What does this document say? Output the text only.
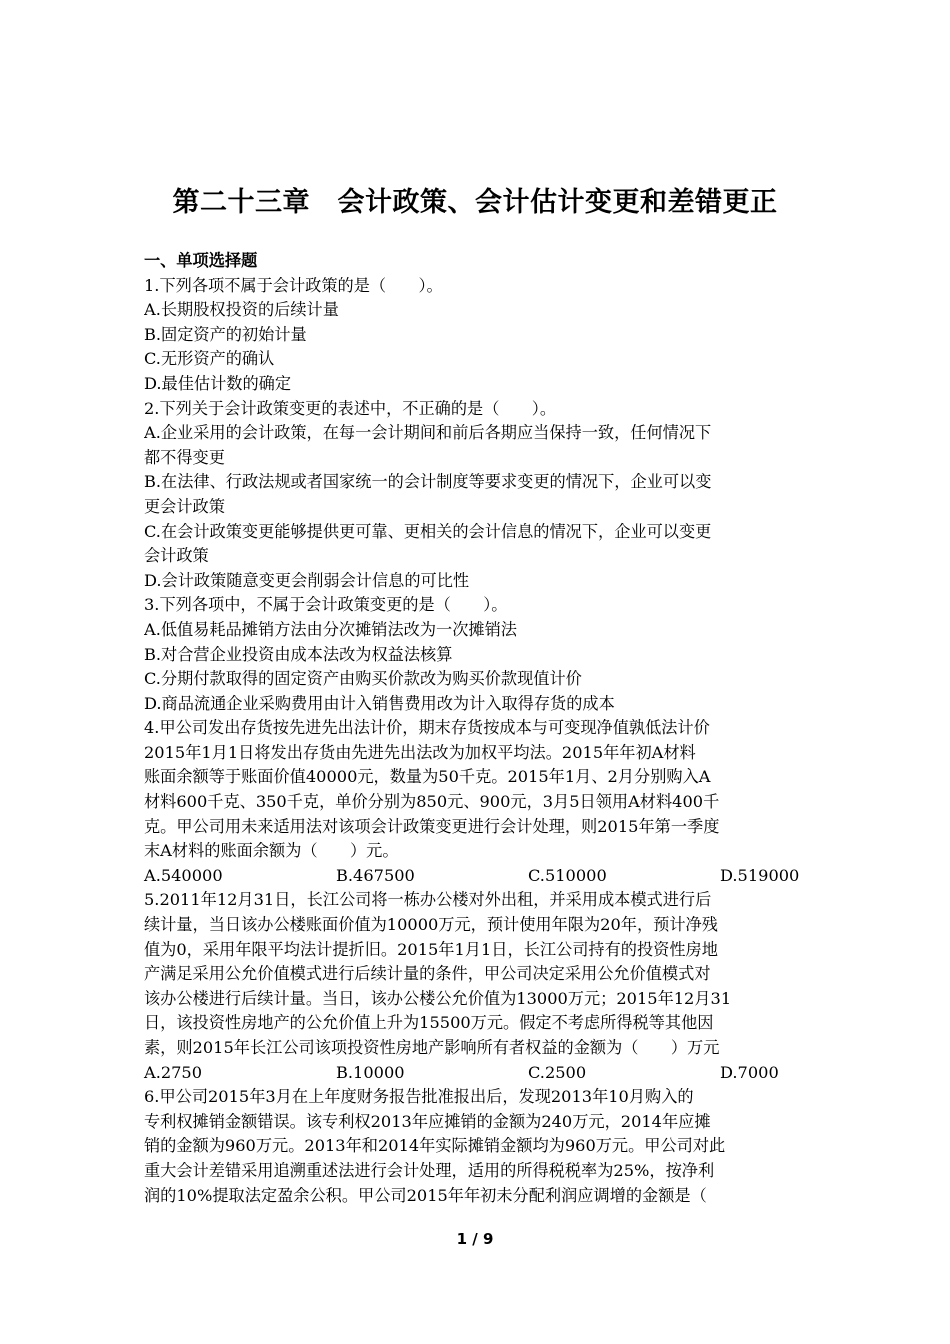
第二十三章　会计政策、会计估计变更和差错更正
一、单项选择题
1.下列各项不属于会计政策的是（　　）。
A.长期股权投资的后续计量
B.固定资产的初始计量
C.无形资产的确认
D.最佳估计数的确定
2.下列关于会计政策变更的表述中，不正确的是（　　）。
A.企业采用的会计政策，在每一会计期间和前后各期应当保持一致，任何情况下
都不得变更
B.在法律、行政法规或者国家统一的会计制度等要求变更的情况下，企业可以变
更会计政策
C.在会计政策变更能够提供更可靠、更相关的会计信息的情况下，企业可以变更
会计政策
D.会计政策随意变更会削弱会计信息的可比性
3.下列各项中，不属于会计政策变更的是（　　）。
A.低值易耗品摊销方法由分次摊销法改为一次摊销法
B.对合营企业投资由成本法改为权益法核算
C.分期付款取得的固定资产由购买价款改为购买价款现值计价
D.商品流通企业采购费用由计入销售费用改为计入取得存货的成本
4.甲公司发出存货按先进先出法计价，期末存货按成本与可变现净值孰低法计价
2015年1月1日将发出存货由先进先出法改为加权平均法。2015年年初A材料
账面余额等于账面价值40000元，数量为50千克。2015年1月、2月分别购入A
材料600千克、350千克，单价分别为850元、900元，3月5日领用A材料400千
克。甲公司用未来适用法对该项会计政策变更进行会计处理，则2015年第一季度
末A材料的账面余额为（　　）元。
A.540000	B.467500	C.510000	D.519000
5.2011年12月31日，长江公司将一栋办公楼对外出租，并采用成本模式进行后
续计量，当日该办公楼账面价值为10000万元，预计使用年限为20年，预计净残
值为0，采用年限平均法计提折旧。2015年1月1日，长江公司持有的投资性房地
产满足采用公允价值模式进行后续计量的条件，甲公司决定采用公允价值模式对
该办公楼进行后续计量。当日，该办公楼公允价值为13000万元；2015年12月31
日，该投资性房地产的公允价值上升为15500万元。假定不考虑所得税等其他因
素，则2015年长江公司该项投资性房地产影响所有者权益的金额为（　　）万元
A.2750	B.10000	C.2500	D.7000
6.甲公司2015年3月在上年度财务报告批准报出后，发现2013年10月购入的
专利权摊销金额错误。该专利权2013年应摊销的金额为240万元，2014年应摊
销的金额为960万元。2013年和2014年实际摊销金额均为960万元。甲公司对此
重大会计差错采用追溯重述法进行会计处理，适用的所得税税率为25%，按净利
润的10%提取法定盈余公积。甲公司2015年年初未分配利润应调增的金额是（
1 / 9
